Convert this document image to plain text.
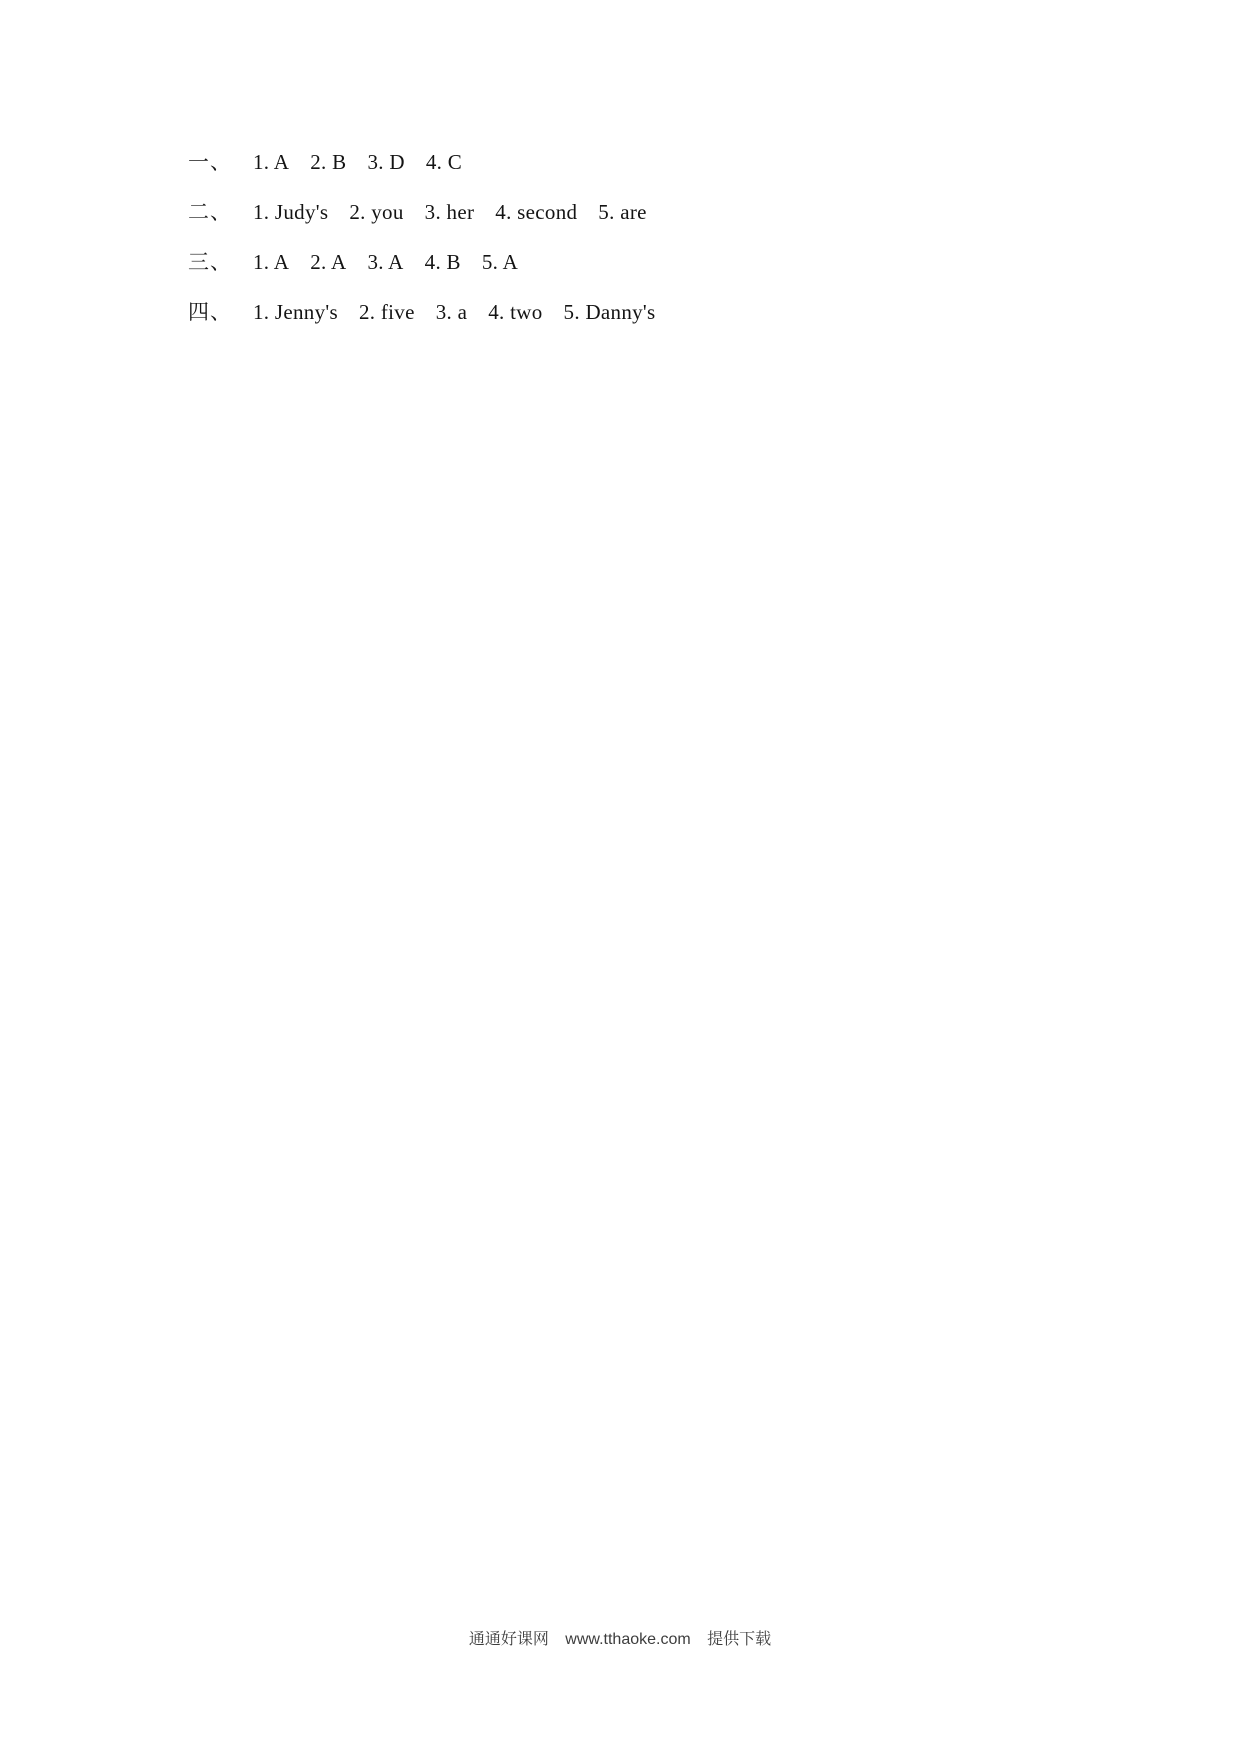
一、 1. A 2. B 3. D 4. C
二、 1. Judy's 2. you 3. her 4. second 5. are
三、 1. A 2. A 3. A 4. B 5. A
四、 1. Jenny's 2. five 3. a 4. two 5. Danny's
通通好课网 www.tthaoke.com 提供下载
